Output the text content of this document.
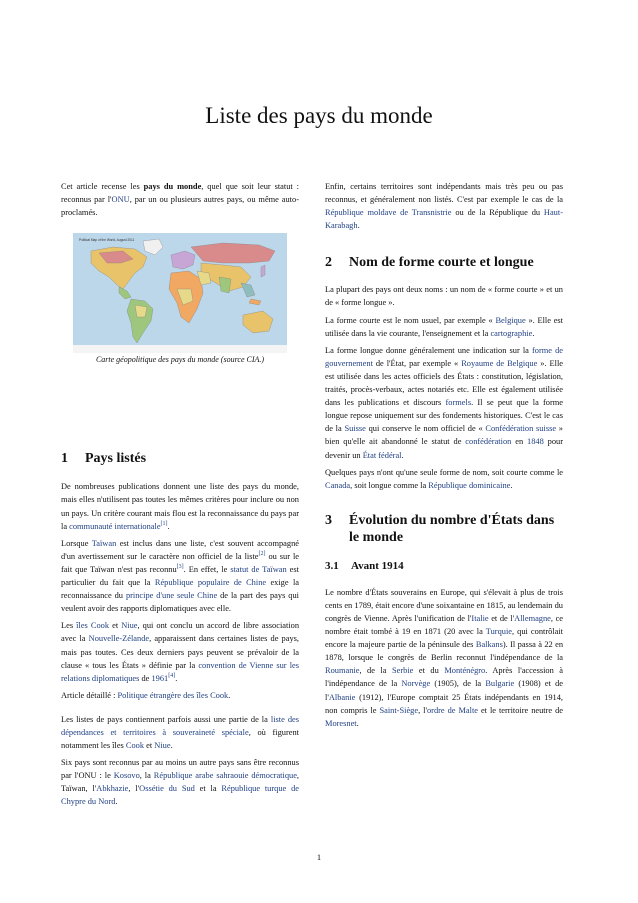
Liste des pays du monde

Cet article recense les pays du monde, quel que soit leur statut : reconnus par l'ONU, par un ou plusieurs autres pays, ou même auto-proclamés.

Political Map of the World, August 2011

Carte géopolitique des pays du monde (source CIA.)

1	Pays listés

De nombreuses publications donnent une liste des pays du monde, mais elles n'utilisent pas toutes les mêmes critères pour inclure ou non un pays. Un critère courant mais flou est la reconnaissance du pays par la communauté internationale[1].

Lorsque Taïwan est inclus dans une liste, c'est souvent accompagné d'un avertissement sur le caractère non officiel de la liste[2] ou sur le fait que Taïwan n'est pas reconnu[3]. En effet, le statut de Taïwan est particulier du fait que la République populaire de Chine exige la reconnaissance du principe d'une seule Chine de la part des pays qui veulent avoir des rapports diplomatiques avec elle.

Les îles Cook et Niue, qui ont conclu un accord de libre association avec la Nouvelle-Zélande, apparaissent dans certaines listes de pays, mais pas toutes. Ces deux derniers pays peuvent se prévaloir de la clause « tous les États » définie par la convention de Vienne sur les relations diplomatiques de 1961[4].

Article détaillé : Politique étrangère des îles Cook.

Les listes de pays contiennent parfois aussi une partie de la liste des dépendances et territoires à souveraineté spéciale, où figurent notamment les îles Cook et Niue.

Six pays sont reconnus par au moins un autre pays sans être reconnus par l'ONU : le Kosovo, la République arabe sahraouie démocratique, Taïwan, l'Abkhazie, l'Ossétie du Sud et la République turque de Chypre du Nord.

Enfin, certains territoires sont indépendants mais très peu ou pas reconnus, et généralement non listés. C'est par exemple le cas de la République moldave de Transnistrie ou de la République du Haut-Karabagh.

2	Nom de forme courte et longue

La plupart des pays ont deux noms : un nom de « forme courte » et un de « forme longue ».

La forme courte est le nom usuel, par exemple « Belgique ». Elle est utilisée dans la vie courante, l'enseignement et la cartographie.

La forme longue donne généralement une indication sur la forme de gouvernement de l'État, par exemple « Royaume de Belgique ». Elle est utilisée dans les actes officiels des États : constitution, législation, traités, procès-verbaux, actes notariés etc. Elle est également utilisée dans les publications et discours formels. Il se peut que la forme longue repose uniquement sur des fondements historiques. C'est le cas de la Suisse qui conserve le nom officiel de « Confédération suisse » bien qu'elle ait abandonné le statut de confédération en 1848 pour devenir un État fédéral.

Quelques pays n'ont qu'une seule forme de nom, soit courte comme le Canada, soit longue comme la République dominicaine.

3	Évolution du nombre d'États dans le monde
3.1	Avant 1914

Le nombre d'États souverains en Europe, qui s'élevait à plus de trois cents en 1789, était encore d'une soixantaine en 1815, au lendemain du congrès de Vienne. Après l'unification de l'Italie et de l'Allemagne, ce nombre était tombé à 19 en 1871 (20 avec la Turquie, qui contrôlait encore la majeure partie de la péninsule des Balkans). Il passa à 22 en 1878, lorsque le congrès de Berlin reconnut l'indépendance de la Roumanie, de la Serbie et du Monténégro. Après l'accession à l'indépendance de la Norvège (1905), de la Bulgarie (1908) et de l'Albanie (1912), l'Europe comptait 25 États indépendants en 1914, non compris le Saint-Siège, l'ordre de Malte et le territoire neutre de Moresnet.

1
